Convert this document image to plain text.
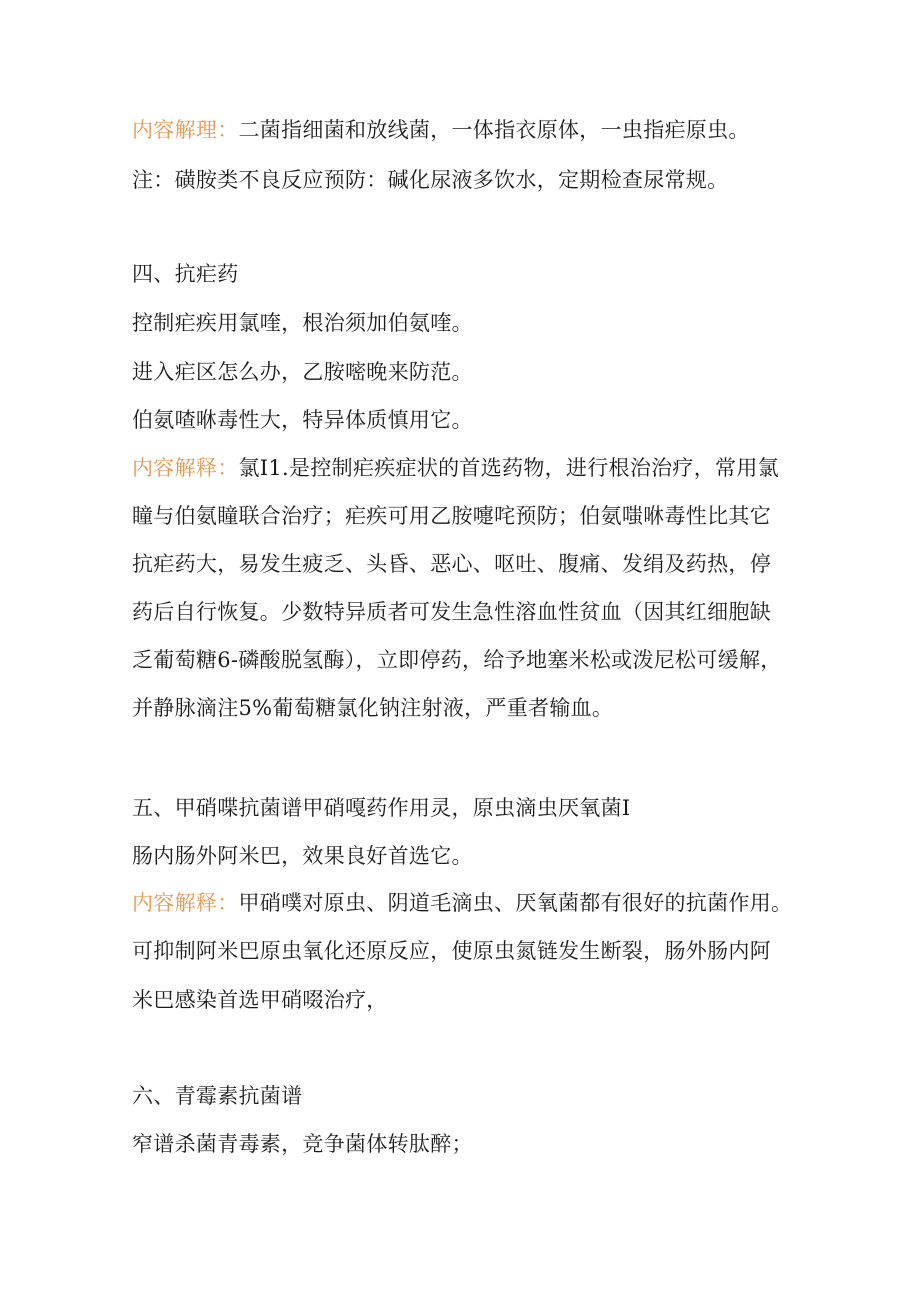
内容解理：二菌指细菌和放线菌，一体指衣原体，一虫指疟原虫。
注：磺胺类不良反应预防：碱化尿液多饮水，定期检查尿常规。
四、抗疟药
控制疟疾用氯喹，根治须加伯氨喹。
进入疟区怎么办，乙胺嘧晚来防范。
伯氨喳咻毒性大，特异体质慎用它。
内容解释：氯I1.是控制疟疾症状的首选药物，进行根治治疗，常用氯
瞳与伯氨瞳联合治疗；疟疾可用乙胺嚏咤预防；伯氨嗤咻毒性比其它
抗疟药大，易发生疲乏、头昏、恶心、呕吐、腹痛、发绢及药热，停
药后自行恢复。少数特异质者可发生急性溶血性贫血（因其红细胞缺
乏葡萄糖6-磷酸脱氢酶），立即停药，给予地塞米松或泼尼松可缓解，
并静脉滴注5%葡萄糖氯化钠注射液，严重者输血。
五、甲硝喋抗菌谱甲硝嘎药作用灵，原虫滴虫厌氧菌I
肠内肠外阿米巴，效果良好首选它。
内容解释：甲硝噗对原虫、阴道毛滴虫、厌氧菌都有很好的抗菌作用。
可抑制阿米巴原虫氧化还原反应，使原虫氮链发生断裂，肠外肠内阿
米巴感染首选甲硝啜治疗，
六、青霉素抗菌谱
窄谱杀菌青毒素，竞争菌体转肽醉；
